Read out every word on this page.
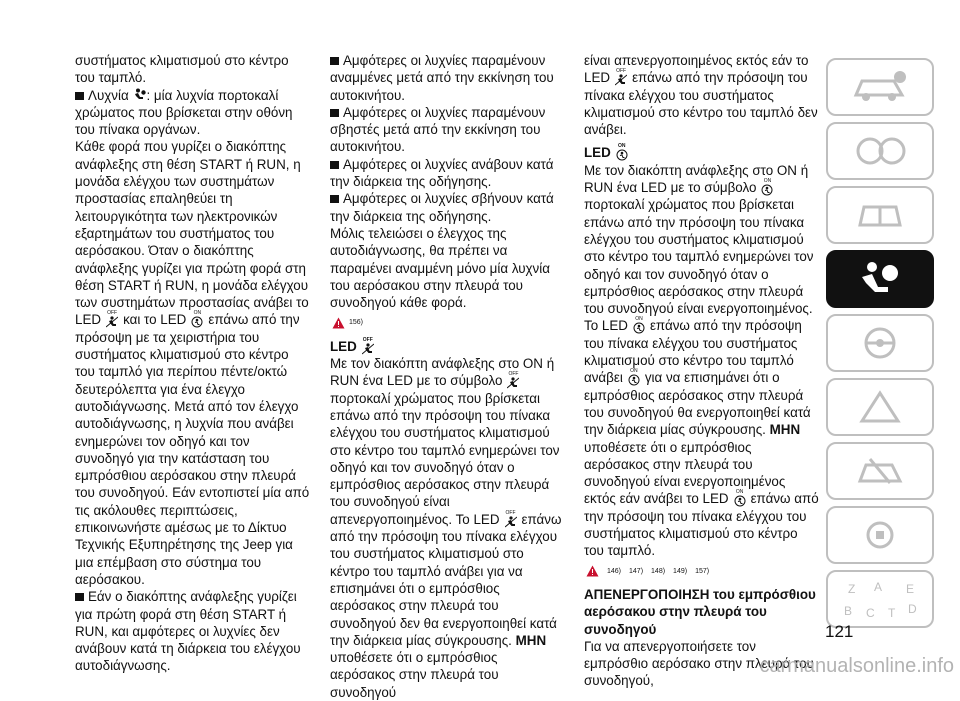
συστήματος κλιματισμού στο κέντρο του ταμπλό.

Λυχνία : μία λυχνία πορτοκαλί χρώματος που βρίσκεται στην οθόνη του πίνακα οργάνων.

Κάθε φορά που γυρίζει ο διακόπτης ανάφλεξης στη θέση START ή RUN, η μονάδα ελέγχου των συστημάτων προστασίας επαληθεύει τη λειτουργικότητα των ηλεκτρονικών εξαρτημάτων του συστήματος του αερόσακου. Όταν ο διακόπτης ανάφλεξης γυρίζει για πρώτη φορά στη θέση START ή RUN, η μονάδα ελέγχου των συστημάτων προστασίας ανάβει το LED	OFF και το LED	ON επάνω από την πρόσοψη με τα χειριστήρια του συστήματος κλιματισμού στο κέντρο του ταμπλό για περίπου πέντε/οκτώ δευτερόλεπτα για ένα έλεγχο αυτοδιάγνωσης. Μετά από τον έλεγχο αυτοδιάγνωσης, η λυχνία που ανάβει ενημερώνει τον οδηγό και τον συνοδηγό για την κατάσταση του εμπρόσθιου αερόσακου στην πλευρά του συνοδηγού. Εάν εντοπιστεί μία από τις ακόλουθες περιπτώσεις, επικοινωνήστε αμέσως με το Δίκτυο Τεχνικής Εξυπηρέτησης της Jeep για μια επέμβαση στο σύστημα του αερόσακου.

Εάν ο διακόπτης ανάφλεξης γυρίζει για πρώτη φορά στη θέση START ή RUN, και αμφότερες οι λυχνίες δεν ανάβουν κατά τη διάρκεια του ελέγχου αυτοδιάγνωσης.

Αμφότερες οι λυχνίες παραμένουν αναμμένες μετά από την εκκίνηση του αυτοκινήτου.

Αμφότερες οι λυχνίες παραμένουν σβηστές μετά από την εκκίνηση του αυτοκινήτου.

Αμφότερες οι λυχνίες ανάβουν κατά την διάρκεια της οδήγησης.

Αμφότερες οι λυχνίες σβήνουν κατά την διάρκεια της οδήγησης.

Μόλις τελειώσει ο έλεγχος της αυτοδιάγνωσης, θα πρέπει να παραμένει αναμμένη μόνο μία λυχνία του αερόσακου στην πλευρά του συνοδηγού κάθε φορά.

156)

LED	OFF

Με τον διακόπτη ανάφλεξης στο ON ή RUN ένα LED με το σύμβολο	OFF
πορτοκαλί χρώματος που βρίσκεται επάνω από την πρόσοψη του πίνακα ελέγχου του συστήματος κλιματισμού στο κέντρο του ταμπλό ενημερώνει τον οδηγό και τον συνοδηγό όταν ο εμπρόσθιος αερόσακος στην πλευρά του συνοδηγού είναι απενεργοποιημένος. Το LED	OFF επάνω από την πρόσοψη του πίνακα ελέγχου του συστήματος κλιματισμού στο κέντρο του ταμπλό ανάβει για να επισημάνει ότι ο εμπρόσθιος αερόσακος στην πλευρά του συνοδηγού δεν θα ενεργοποιηθεί κατά την διάρκεια μίας σύγκρουσης. ΜΗΝ υποθέσετε ότι ο εμπρόσθιος αερόσακος στην πλευρά του συνοδηγού

είναι απενεργοποιημένος εκτός εάν το LED	OFF επάνω από την πρόσοψη του πίνακα ελέγχου του συστήματος κλιματισμού στο κέντρο του ταμπλό δεν ανάβει.

LED	ON

Με τον διακόπτη ανάφλεξης στο ON ή RUN ένα LED με το σύμβολο	ON
πορτοκαλί χρώματος που βρίσκεται επάνω από την πρόσοψη του πίνακα ελέγχου του συστήματος κλιματισμού στο κέντρο του ταμπλό ενημερώνει τον οδηγό και τον συνοδηγό όταν ο εμπρόσθιος αερόσακος στην πλευρά του συνοδηγού είναι ενεργοποιημένος. Το LED	ON επάνω από την πρόσοψη του πίνακα ελέγχου του συστήματος κλιματισμού στο κέντρο του ταμπλό ανάβει	ON για να επισημάνει ότι ο εμπρόσθιος αερόσακος στην πλευρά του συνοδηγού θα ενεργοποιηθεί κατά την διάρκεια μίας σύγκρουσης. ΜΗΝ υποθέσετε ότι ο εμπρόσθιος αερόσακος στην πλευρά του συνοδηγού είναι ενεργοποιημένος εκτός εάν ανάβει το LED	ON επάνω από την πρόσοψη του πίνακα ελέγχου του συστήματος κλιματισμού στο κέντρο του ταμπλό.

146) 147) 148) 149) 157)

ΑΠΕΝΕΡΓΟΠΟΙΗΣΗ του εμπρόσθιου αερόσακου στην πλευρά του συνοδηγού

Για να απενεργοποιήσετε τον εμπρόσθιο αερόσακο στην πλευρά του συνοδηγού,

Z
B
E
D
C T
A
121
carmanualsonline.info
